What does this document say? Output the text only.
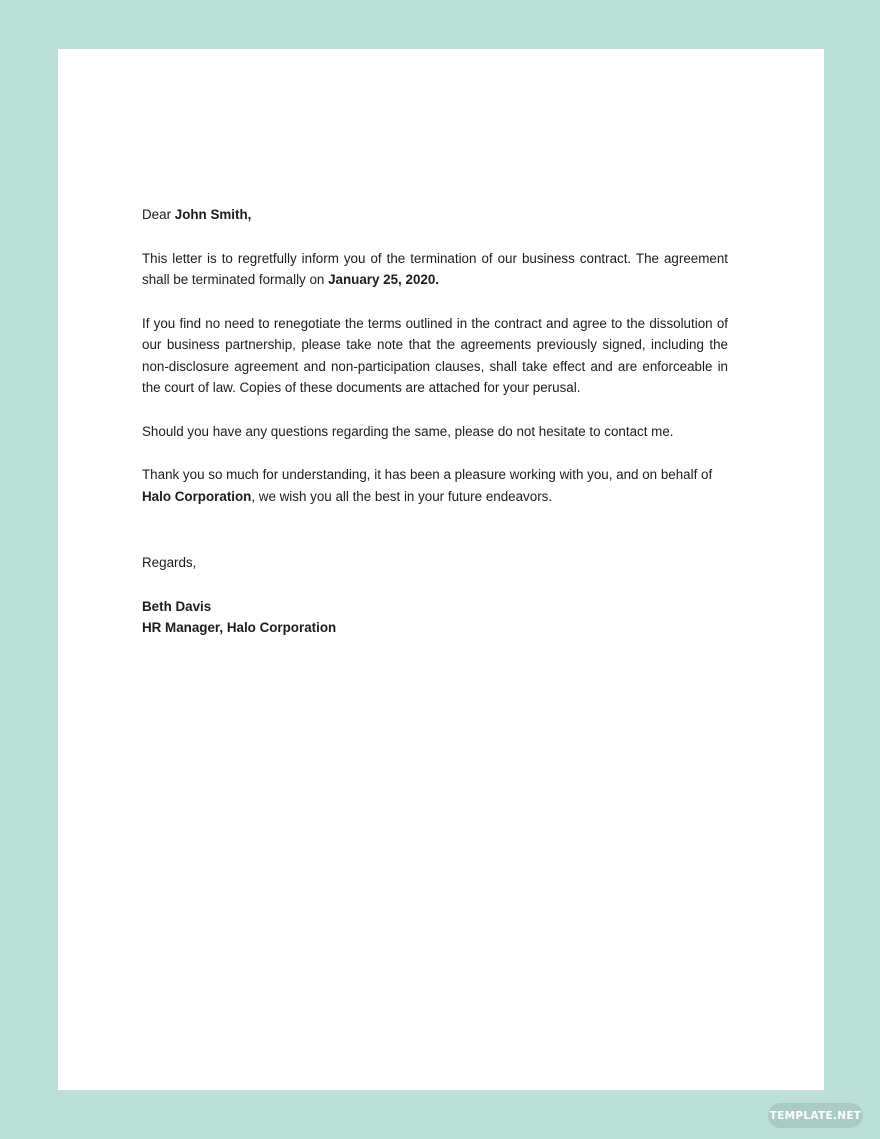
Dear John Smith,

This letter is to regretfully inform you of the termination of our business contract. The agreement shall be terminated formally on January 25, 2020.

If you find no need to renegotiate the terms outlined in the contract and agree to the dissolution of our business partnership, please take note that the agreements previously signed, including the non-disclosure agreement and non-participation clauses, shall take effect and are enforceable in the court of law. Copies of these documents are attached for your perusal.

Should you have any questions regarding the same, please do not hesitate to contact me.

Thank you so much for understanding, it has been a pleasure working with you, and on behalf of Halo Corporation, we wish you all the best in your future endeavors.

Regards,

Beth Davis

HR Manager, Halo Corporation

TEMPLATE.NET
